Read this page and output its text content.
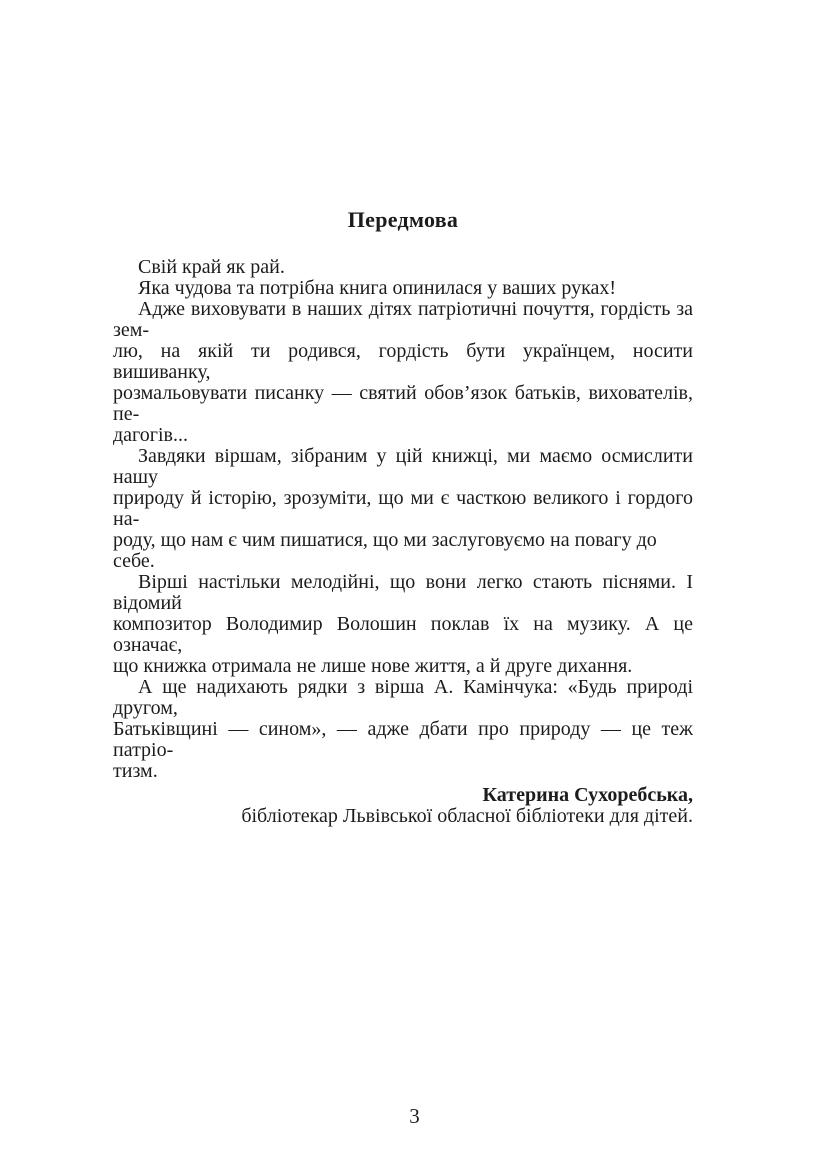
Передмова
Свій край як рай.
Яка чудова та потрібна книга опинилася у ваших руках!
Адже виховувати в наших дітях патріотичні почуття, гордість за зем-
лю, на якій ти родився, гордість бути українцем, носити вишиванку,
розмальовувати писанку — святий обов’язок батьків, вихователів, пе-
дагогів...
Завдяки віршам, зібраним у цій книжці, ми маємо осмислити нашу
природу й історію, зрозуміти, що ми є часткою великого і гордого на-
роду, що нам є чим пишатися, що ми заслуговуємо на повагу до себе.
Вірші настільки мелодійні, що вони легко стають піснями. І відомий
композитор Володимир Волошин поклав їх на музику. А це означає,
що книжка отримала не лише нове життя, а й друге дихання.
А ще надихають рядки з вірша А. Камінчука: «Будь природі другом,
Батьківщині — сином», — адже дбати про природу — це теж патріо-
тизм.
Катерина Сухоребська,
бібліотекар Львівської обласної бібліотеки для дітей.
3
